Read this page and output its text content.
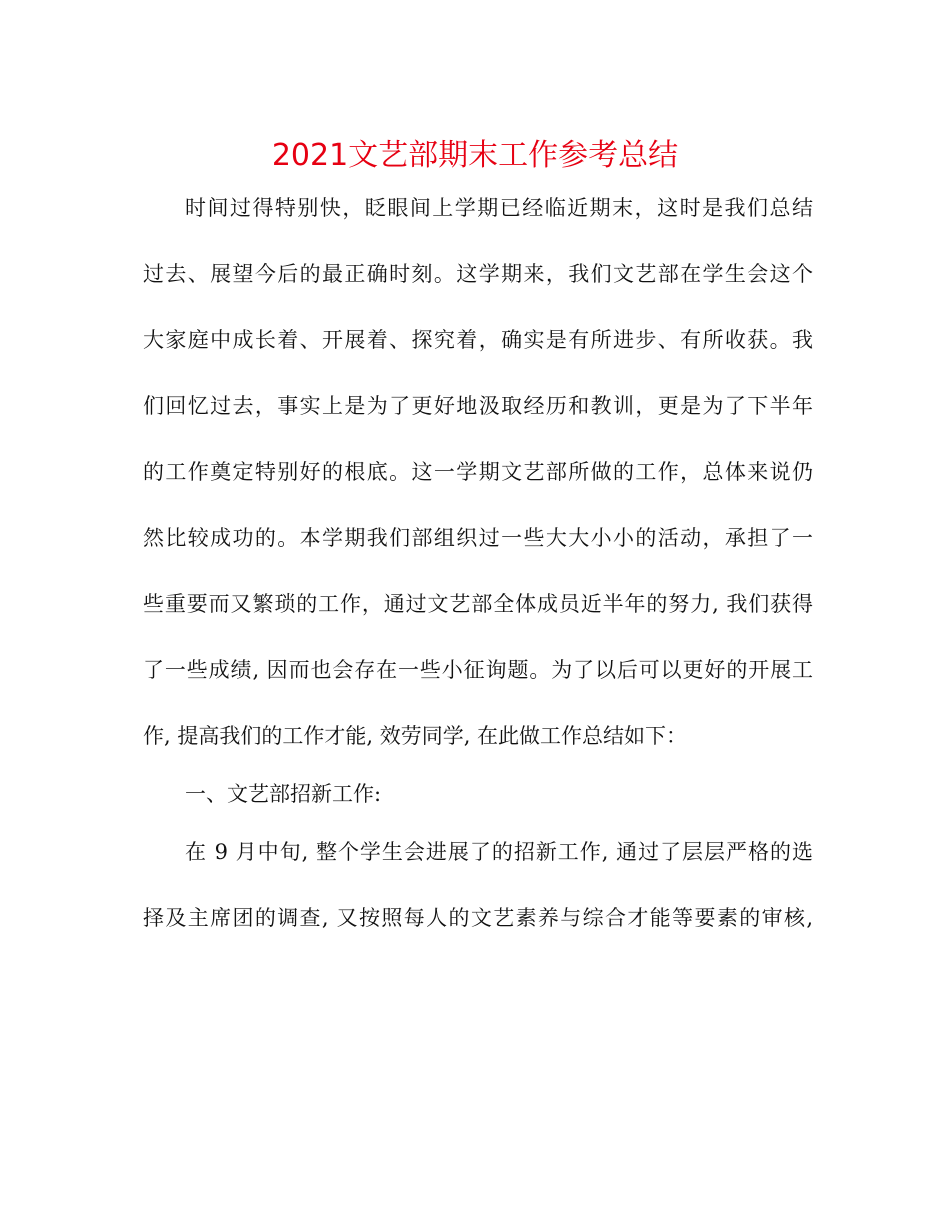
2021文艺部期末工作参考总结
时间过得特别快，眨眼间上学期已经临近期末，这时是我们总结
过去、展望今后的最正确时刻。这学期来，我们文艺部在学生会这个
大家庭中成长着、开展着、探究着，确实是有所进步、有所收获。我
们回忆过去，事实上是为了更好地汲取经历和教训，更是为了下半年
的工作奠定特别好的根底。这一学期文艺部所做的工作，总体来说仍
然比较成功的。本学期我们部组织过一些大大小小的活动，承担了一
些重要而又繁琐的工作，通过文艺部全体成员近半年的努力, 我们获得
了一些成绩, 因而也会存在一些小征询题。为了以后可以更好的开展工
作, 提高我们的工作才能, 效劳同学, 在此做工作总结如下：
一、文艺部招新工作:
在 9 月中旬, 整个学生会进展了的招新工作, 通过了层层严格的选
择及主席团的调查, 又按照每人的文艺素养与综合才能等要素的审核,
